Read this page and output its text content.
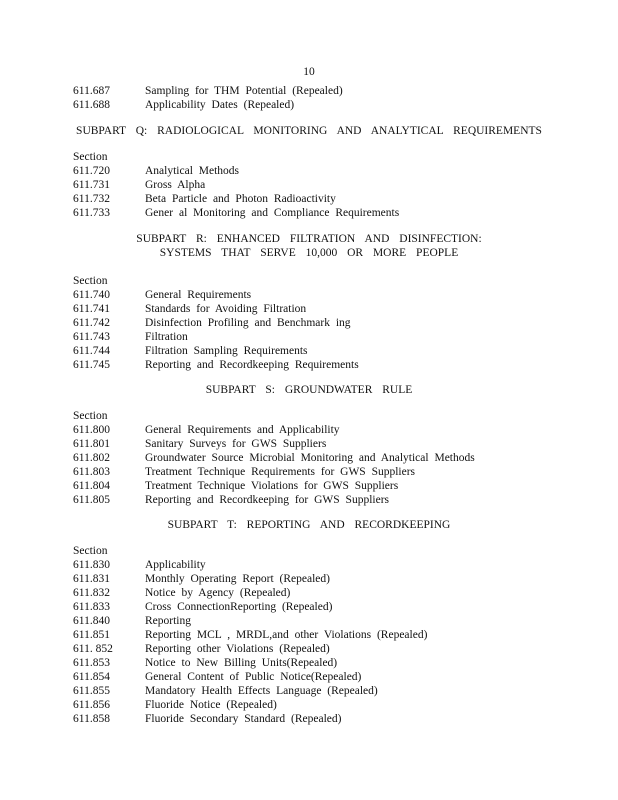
10
611.687	Sampling for THM Potential (Repealed)
611.688	Applicability Dates (Repealed)
SUBPART Q: RADIOLOGICAL MONITORING AND ANALYTICAL REQUIREMENTS
Section
611.720	Analytical Methods
611.731	Gross Alpha
611.732	Beta Particle and Photon Radioactivity
611.733	Gener al Monitoring and Compliance Requirements
SUBPART R: ENHANCED FILTRATION AND DISINFECTION:
SYSTEMS THAT SERVE 10,000 OR MORE PEOPLE
Section
611.740	General Requirements
611.741	Standards for Avoiding Filtration
611.742	Disinfection Profiling and Benchmark ing
611.743	Filtration
611.744	Filtration Sampling Requirements
611.745	Reporting and Recordkeeping Requirements
SUBPART S: GROUNDWATER RULE
Section
611.800	General Requirements and Applicability
611.801	Sanitary Surveys for GWS Suppliers
611.802	Groundwater Source Microbial Monitoring and Analytical Methods
611.803	Treatment Technique Requirements for GWS Suppliers
611.804	Treatment Technique Violations for GWS Suppliers
611.805	Reporting and Recordkeeping for GWS Suppliers
SUBPART T: REPORTING AND RECORDKEEPING
Section
611.830	Applicability
611.831	Monthly Operating Report (Repealed)
611.832	Notice by Agency (Repealed)
611.833	Cross ConnectionReporting (Repealed)
611.840	Reporting
611.851	Reporting MCL , MRDL,and other Violations (Repealed)
611. 852	Reporting other Violations (Repealed)
611.853	Notice to New Billing Units(Repealed)
611.854	General Content of Public Notice(Repealed)
611.855	Mandatory Health Effects Language (Repealed)
611.856	Fluoride Notice (Repealed)
611.858	Fluoride Secondary Standard (Repealed)
